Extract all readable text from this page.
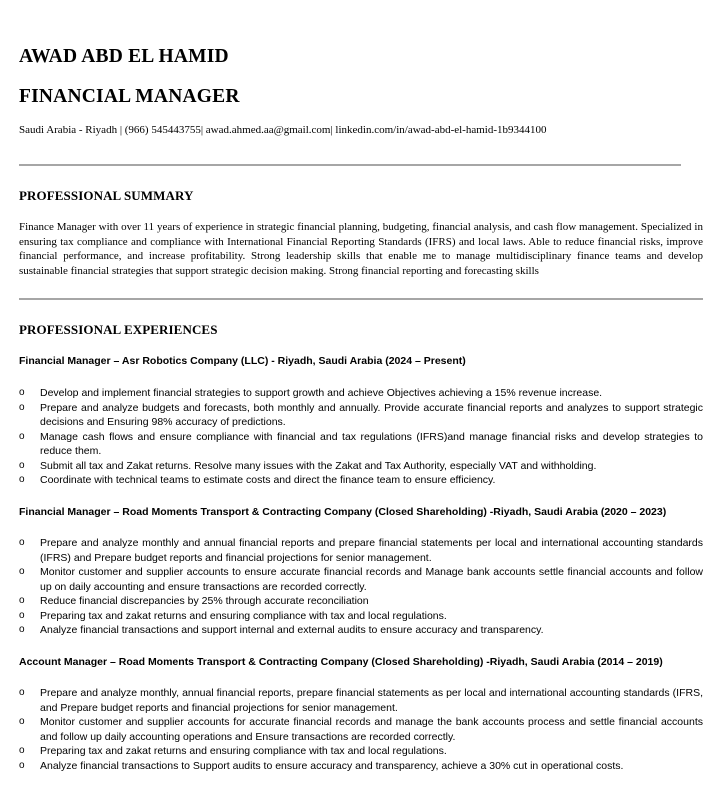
AWAD ABD EL HAMID
FINANCIAL MANAGER
Saudi Arabia - Riyadh | (966) 545443755| awad.ahmed.aa@gmail.com| linkedin.com/in/awad-abd-el-hamid-1b9344100
PROFESSIONAL SUMMARY
Finance Manager with over 11 years of experience in strategic financial planning, budgeting, financial analysis, and cash flow management. Specialized in ensuring tax compliance and compliance with International Financial Reporting Standards (IFRS) and local laws. Able to reduce financial risks, improve financial performance, and increase profitability. Strong leadership skills that enable me to manage multidisciplinary finance teams and develop sustainable financial strategies that support strategic decision making. Strong financial reporting and forecasting skills
PROFESSIONAL EXPERIENCES
Financial Manager – Asr Robotics Company (LLC) - Riyadh, Saudi Arabia (2024 – Present)
o Develop and implement financial strategies to support growth and achieve Objectives achieving a 15% revenue increase.
o Prepare and analyze budgets and forecasts, both monthly and annually. Provide accurate financial reports and analyzes to support strategic decisions and Ensuring 98% accuracy of predictions.
o Manage cash flows and ensure compliance with financial and tax regulations (IFRS)and manage financial risks and develop strategies to reduce them.
o Submit all tax and Zakat returns. Resolve many issues with the Zakat and Tax Authority, especially VAT and withholding.
o Coordinate with technical teams to estimate costs and direct the finance team to ensure efficiency.
Financial Manager – Road Moments Transport & Contracting Company (Closed Shareholding) -Riyadh, Saudi Arabia (2020 – 2023)
o Prepare and analyze monthly and annual financial reports and prepare financial statements per local and international accounting standards (IFRS) and Prepare budget reports and financial projections for senior management.
o Monitor customer and supplier accounts to ensure accurate financial records and Manage bank accounts settle financial accounts and follow up on daily accounting and ensure transactions are recorded correctly.
o Reduce financial discrepancies by 25% through accurate reconciliation
o Preparing tax and zakat returns and ensuring compliance with tax and local regulations.
o Analyze financial transactions and support internal and external audits to ensure accuracy and transparency.
Account Manager – Road Moments Transport & Contracting Company (Closed Shareholding) -Riyadh, Saudi Arabia (2014 – 2019)
o Prepare and analyze monthly, annual financial reports, prepare financial statements as per local and international accounting standards (IFRS, and Prepare budget reports and financial projections for senior management.
o Monitor customer and supplier accounts for accurate financial records and manage the bank accounts process and settle financial accounts and follow up daily accounting operations and Ensure transactions are recorded correctly.
o Preparing tax and zakat returns and ensuring compliance with tax and local regulations.
o Analyze financial transactions to Support audits to ensure accuracy and transparency, achieve a 30% cut in operational costs.
